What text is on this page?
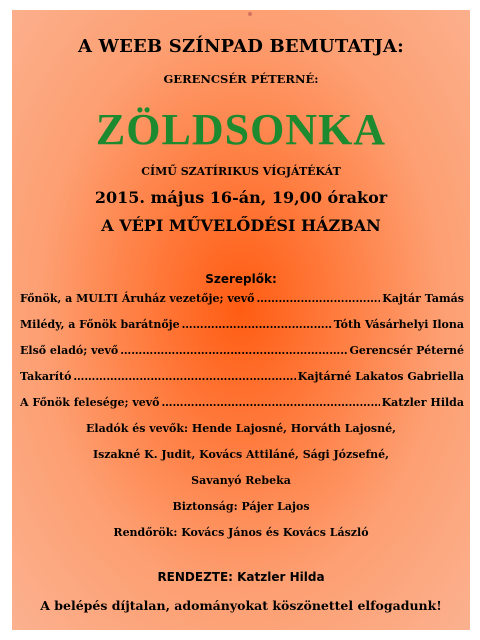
A WEEB SZÍNPAD BEMUTATJA:
GERENCSÉR PÉTERNÉ:
ZÖLDSONKA
CÍMŰ SZATÍRIKUS VÍGJÁTÉKÁT
2015. május 16-án, 19,00 órakor
A VÉPI MŰVELŐDÉSI HÁZBAN
Szereplők:
Főnök, a MULTI Áruház vezetője; vevő ………………………………………………………………………………	Kajtár Tamás
Milédy, a Főnök barátnője ………………………………………………………………………………	Tóth Vásárhelyi Ilona
Első eladó; vevő ………………………………………………………………………………	Gerencsér Péterné
Takarító ………………………………………………………………………………	Kajtárné Lakatos Gabriella
A Főnök felesége; vevő ………………………………………………………………………………	Katzler Hilda
Eladók és vevők: Hende Lajosné, Horváth Lajosné,
Iszakné K. Judit, Kovács Attiláné, Sági Józsefné,
Savanyó Rebeka
Biztonság: Pájer Lajos
Rendőrök: Kovács János és Kovács László
RENDEZTE: Katzler Hilda
A belépés díjtalan, adományokat köszönettel elfogadunk!
